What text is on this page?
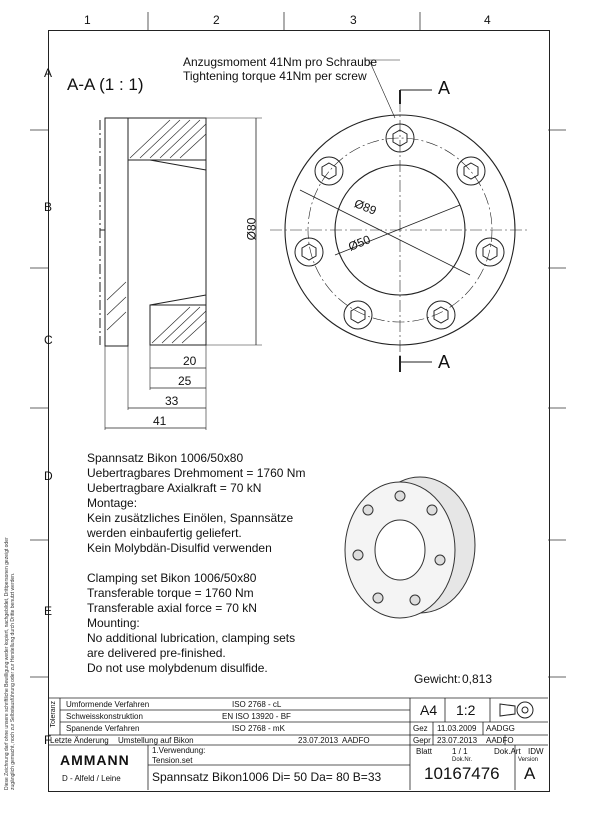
1	2	3	4
A
B
C
D
E
F
Diese Zeichnung darf ohne unsere schriftliche Bewilligung weder kopiert, nachgebildet, Drittpersonen gezeigt oder zugänglich gemacht, noch zur Selbstausführung oder zur Herstellung durch Dritte benutzt werden.
A-A (1 : 1)
Ø80
20
25
33
41
Anzugsmoment 41Nm pro Schraube
Tightening torque 41Nm per screw
Ø89
Ø50
A
A
Spannsatz Bikon 1006/50x80
Uebertragbares Drehmoment = 1760 Nm
Uebertragbare Axialkraft = 70 kN
Montage:
Kein zusätzliches Einölen, Spannsätze
werden einbaufertig geliefert.
Kein Molybdän-Disulfid verwenden
Clamping set Bikon 1006/50x80
Transferable torque = 1760 Nm
Transferable axial force = 70 kN
Mounting:
No additional lubrication, clamping sets
are delivered pre-finished.
Do not use molybdenum disulfide.
Gewicht: 0,813
Toleranz Umformende Verfahren	ISO 2768 - cL
Schweisskonstruktion	EN ISO 13920 - BF
Spanende Verfahren	ISO 2768 - mK
Letzte Änderung Umstellung auf Bikon	23.07.2013 AADFO
A4 1:2
Gez 11.03.2009 AADGG
Gepr 23.07.2013 AADFO
Blatt 1 / 1	Dok.Art IDW
Dok.Nr.	Version
10167476 A
1.Verwendung:
Tension.set
AMMANN
D - Alfeld / Leine	Spannsatz Bikon1006 Di= 50 Da= 80 B=33
